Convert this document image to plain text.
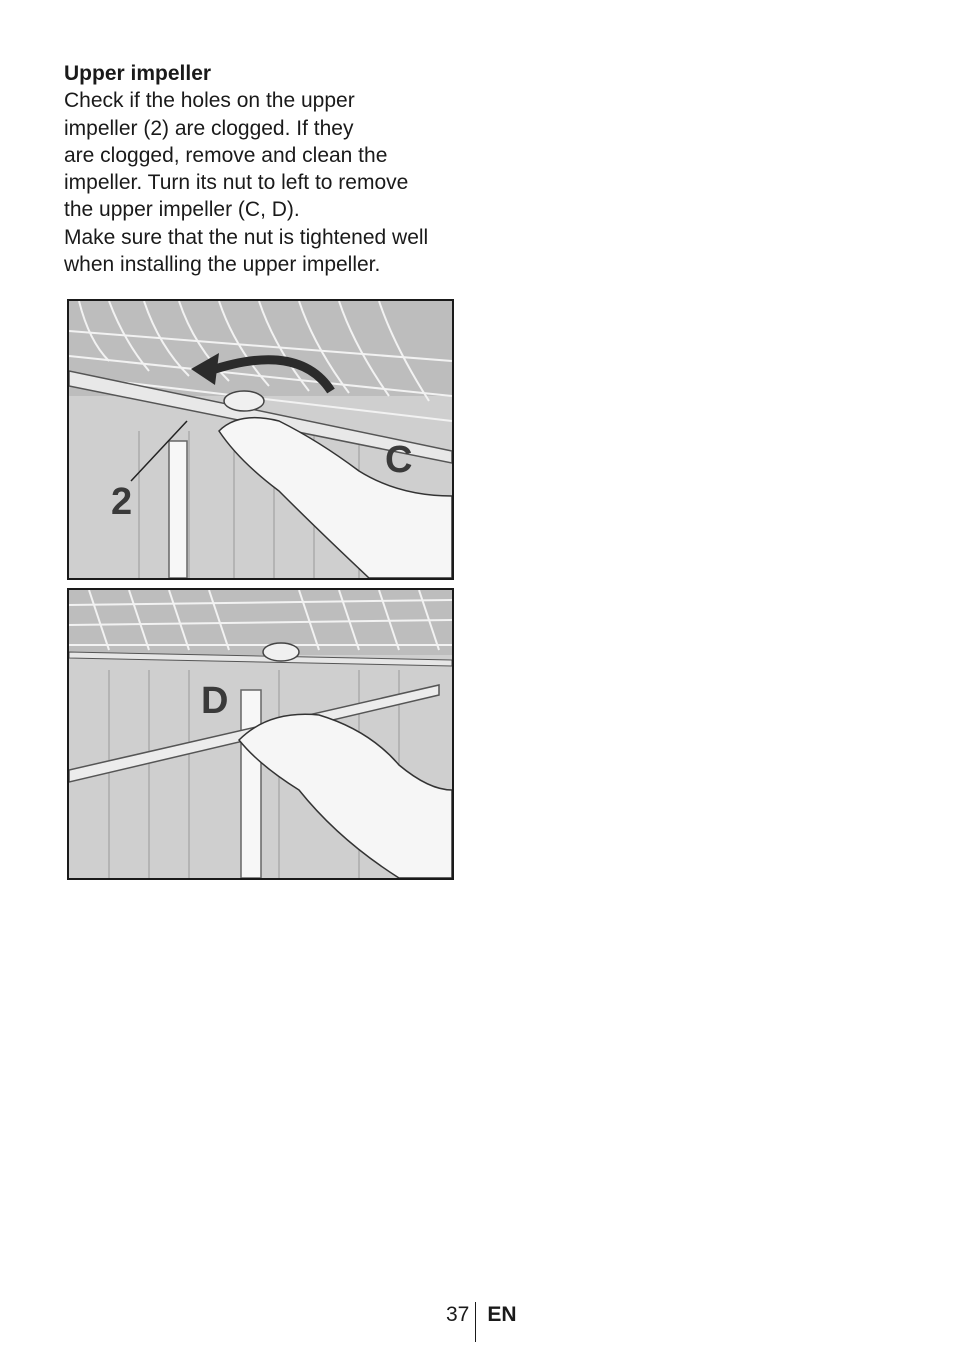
Upper impeller
Check if the holes on the upper
impeller (2) are clogged. If they
are clogged, remove and clean the
impeller. Turn its nut to left to remove
the upper impeller (C, D).
Make sure that the nut is tightened well
when installing the upper impeller.
C
2
D
37 EN
